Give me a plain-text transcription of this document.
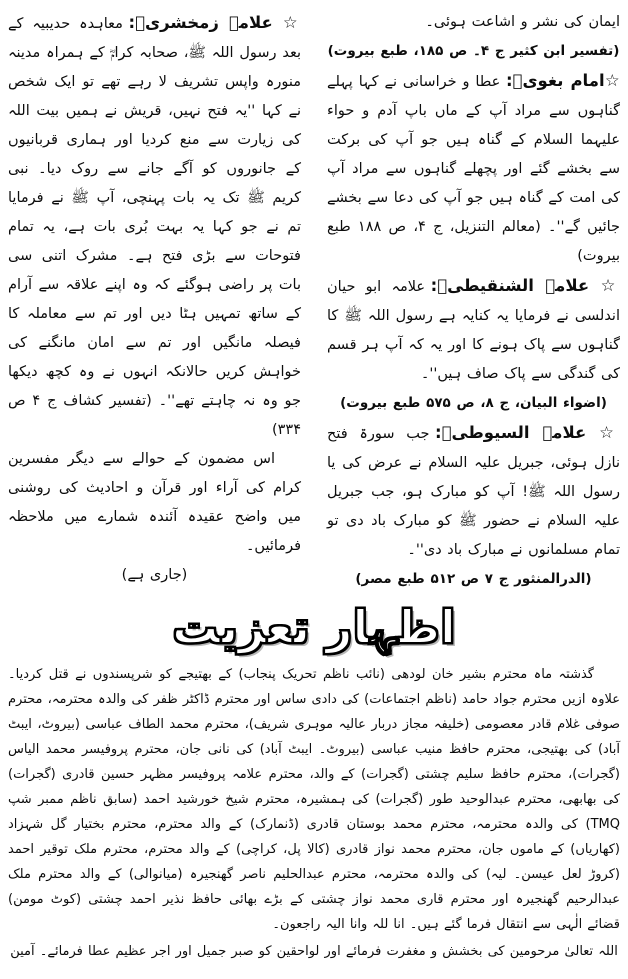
ایمان کی نشر و اشاعت ہوئی۔

(تفسیر ابن کثیر ج ۴۔ ص ۱۸۵، طبع بیروت)

☆امام بغویؒ: عطا و خراسانی نے کہا پہلے گناہوں سے مراد آپ کے ماں باپ آدم و حواء علیہما السلام کے گناہ ہیں جو آپ کی برکت سے بخشے گئے اور پچھلے گناہوں سے مراد آپ کی امت کے گناہ ہیں جو آپ کی دعا سے بخشے جائیں گے''۔ (معالم التنزیل، ج ۴، ص ۱۸۸ طبع بیروت)

☆ علامہ الشنقیطیؒ: علامہ ابو حیان اندلسی نے فرمایا یہ کنایہ ہے رسول اللہ ﷺ کا گناہوں سے پاک ہونے کا اور یہ کہ آپ ہر قسم کی گندگی سے پاک صاف ہیں''۔

(اضواء البیان، ج ۸، ص ۵۷۵ طبع بیروت)

☆ علامہ السیوطیؒ: جب سورۃ فتح نازل ہوئی، جبریل علیہ السلام نے عرض کی یا رسول اللہ ﷺ! آپ کو مبارک ہو، جب جبریل علیہ السلام نے حضور ﷺ کو مبارک باد دی تو تمام مسلمانوں نے مبارک باد دی''۔

(الدرالمنثور ج ۷ ص ۵۱۲ طبع مصر)

☆ علامہ زمخشریؒ: معاہدہ حدیبیہ کے بعد رسول اللہ ﷺ، صحابہ کرامؓ کے ہمراہ مدینہ منورہ واپس تشریف لا رہے تھے تو ایک شخص نے کہا ''یہ فتح نہیں، قریش نے ہمیں بیت اللہ کی زیارت سے منع کردیا اور ہماری قربانیوں کے جانوروں کو آگے جانے سے روک دیا۔ نبی کریم ﷺ تک یہ بات پہنچی، آپ ﷺ نے فرمایا تم نے جو کہا یہ بہت بُری بات ہے، یہ تمام فتوحات سے بڑی فتح ہے۔ مشرک اتنی سی بات پر راضی ہوگئے کہ وہ اپنے علاقہ سے آرام کے ساتھ تمہیں ہٹا دیں اور تم سے معاملہ کا فیصلہ مانگیں اور تم سے امان مانگنے کی خواہش کریں حالانکہ انہوں نے وہ کچھ دیکھا جو وہ نہ چاہتے تھے''۔ (تفسیر کشاف ج ۴ ص ۳۳۴)

اس مضمون کے حوالے سے دیگر مفسرین کرام کی آراء اور قرآن و احادیث کی روشنی میں واضح عقیدہ آئندہ شمارے میں ملاحظہ فرمائیں۔

(جاری ہے)

اظہار تعزیت

گذشتہ ماہ محترم بشیر خان لودھی (نائب ناظم تحریک پنجاب) کے بھتیجے کو شرپسندوں نے قتل کردیا۔ علاوہ ازیں محترم جواد حامد (ناظم اجتماعات) کی دادی ساس اور محترم ڈاکٹر ظفر کی والدہ محترمہ، محترم صوفی غلام قادر معصومی (خلیفہ مجاز دربار عالیہ موہری شریف)، محترم محمد الطاف عباسی (بیروٹ، ایبٹ آباد) کی بھتیجی، محترم حافظ منیب عباسی (بیروٹ۔ ایبٹ آباد) کی نانی جان، محترم پروفیسر محمد الیاس (گجرات)، محترم حافظ سلیم چشتی (گجرات) کے والد، محترم علامہ پروفیسر مظہر حسین قادری (گجرات) کی بھابھی، محترم عبدالوحید طور (گجرات) کی ہمشیرہ، محترم شیخ خورشید احمد (سابق ناظم ممبر شپ TMQ) کی والدہ محترمہ، محترم محمد بوستان قادری (ڈنمارک) کے والد محترم، محترم بختیار گل شہزاد (کھاریاں) کے ماموں جان، محترم محمد نواز قادری (کالا پل، کراچی) کے والد محترم، محترم ملک توقیر احمد (کروڑ لعل عیسن۔ لیہ) کی والدہ محترمہ، محترم عبدالحلیم ناصر گھنجیرہ (میانوالی) کے والد محترم ملک عبدالرحیم گھنجیرہ اور محترم قاری محمد نواز چشتی کے بڑے بھائی حافظ نذیر احمد چشتی (کوٹ مومن) قضائے الٰہی سے انتقال فرما گئے ہیں۔ انا للہ وانا الیہ راجعون۔

اللہ تعالیٰ مرحومین کی بخشش و مغفرت فرمائے اور لواحقین کو صبر جمیل اور اجر عظیم عطا فرمائے۔ آمین
